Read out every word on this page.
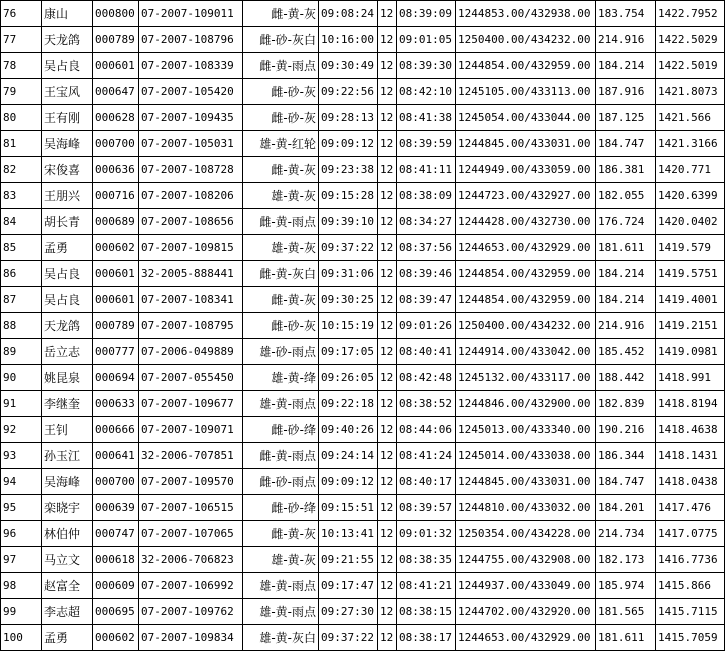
76	康山	000800	07-2007-109011	雌-黄-灰	09:08:24	12	08:39:09	1244853.00/432938.00	183.754	1422.7952
77	天龙鸽	000789	07-2007-108796	雌-砂-灰白	10:16:00	12	09:01:05	1250400.00/434232.00	214.916	1422.5029
78	吴占良	000601	07-2007-108339	雌-黄-雨点	09:30:49	12	08:39:30	1244854.00/432959.00	184.214	1422.5019
79	王宝风	000647	07-2007-105420	雌-砂-灰	09:22:56	12	08:42:10	1245105.00/433113.00	187.916	1421.8073
80	王有刚	000628	07-2007-109435	雌-砂-灰	09:28:13	12	08:41:38	1245054.00/433044.00	187.125	1421.566
81	吴海峰	000700	07-2007-105031	雄-黄-红轮	09:09:12	12	08:39:59	1244845.00/433031.00	184.747	1421.3166
82	宋俊喜	000636	07-2007-108728	雌-黄-灰	09:23:38	12	08:41:11	1244949.00/433059.00	186.381	1420.771
83	王朋兴	000716	07-2007-108206	雄-黄-灰	09:15:28	12	08:38:09	1244723.00/432927.00	182.055	1420.6399
84	胡长青	000689	07-2007-108656	雌-黄-雨点	09:39:10	12	08:34:27	1244428.00/432730.00	176.724	1420.0402
85	孟勇	000602	07-2007-109815	雄-黄-灰	09:37:22	12	08:37:56	1244653.00/432929.00	181.611	1419.579
86	吴占良	000601	32-2005-888441	雌-黄-灰白	09:31:06	12	08:39:46	1244854.00/432959.00	184.214	1419.5751
87	吴占良	000601	07-2007-108341	雌-黄-灰	09:30:25	12	08:39:47	1244854.00/432959.00	184.214	1419.4001
88	天龙鸽	000789	07-2007-108795	雌-砂-灰	10:15:19	12	09:01:26	1250400.00/434232.00	214.916	1419.2151
89	岳立志	000777	07-2006-049889	雄-砂-雨点	09:17:05	12	08:40:41	1244914.00/433042.00	185.452	1419.0981
90	姚昆泉	000694	07-2007-055450	雄-黄-绛	09:26:05	12	08:42:48	1245132.00/433117.00	188.442	1418.991
91	李继奎	000633	07-2007-109677	雄-黄-雨点	09:22:18	12	08:38:52	1244846.00/432900.00	182.839	1418.8194
92	王钊	000666	07-2007-109071	雌-砂-绛	09:40:26	12	08:44:06	1245013.00/433340.00	190.216	1418.4638
93	孙玉江	000641	32-2006-707851	雌-黄-雨点	09:24:14	12	08:41:24	1245014.00/433038.00	186.344	1418.1431
94	吴海峰	000700	07-2007-109570	雌-砂-雨点	09:09:12	12	08:40:17	1244845.00/433031.00	184.747	1418.0438
95	栾晓宇	000639	07-2007-106515	雌-砂-绛	09:15:51	12	08:39:57	1244810.00/433032.00	184.201	1417.476
96	林伯仲	000747	07-2007-107065	雌-黄-灰	10:13:41	12	09:01:32	1250354.00/434228.00	214.734	1417.0775
97	马立文	000618	32-2006-706823	雄-黄-灰	09:21:55	12	08:38:35	1244755.00/432908.00	182.173	1416.7736
98	赵富全	000609	07-2007-106992	雄-黄-雨点	09:17:47	12	08:41:21	1244937.00/433049.00	185.974	1415.866
99	李志超	000695	07-2007-109762	雄-黄-雨点	09:27:30	12	08:38:15	1244702.00/432920.00	181.565	1415.7115
100	孟勇	000602	07-2007-109834	雄-黄-灰白	09:37:22	12	08:38:17	1244653.00/432929.00	181.611	1415.7059
